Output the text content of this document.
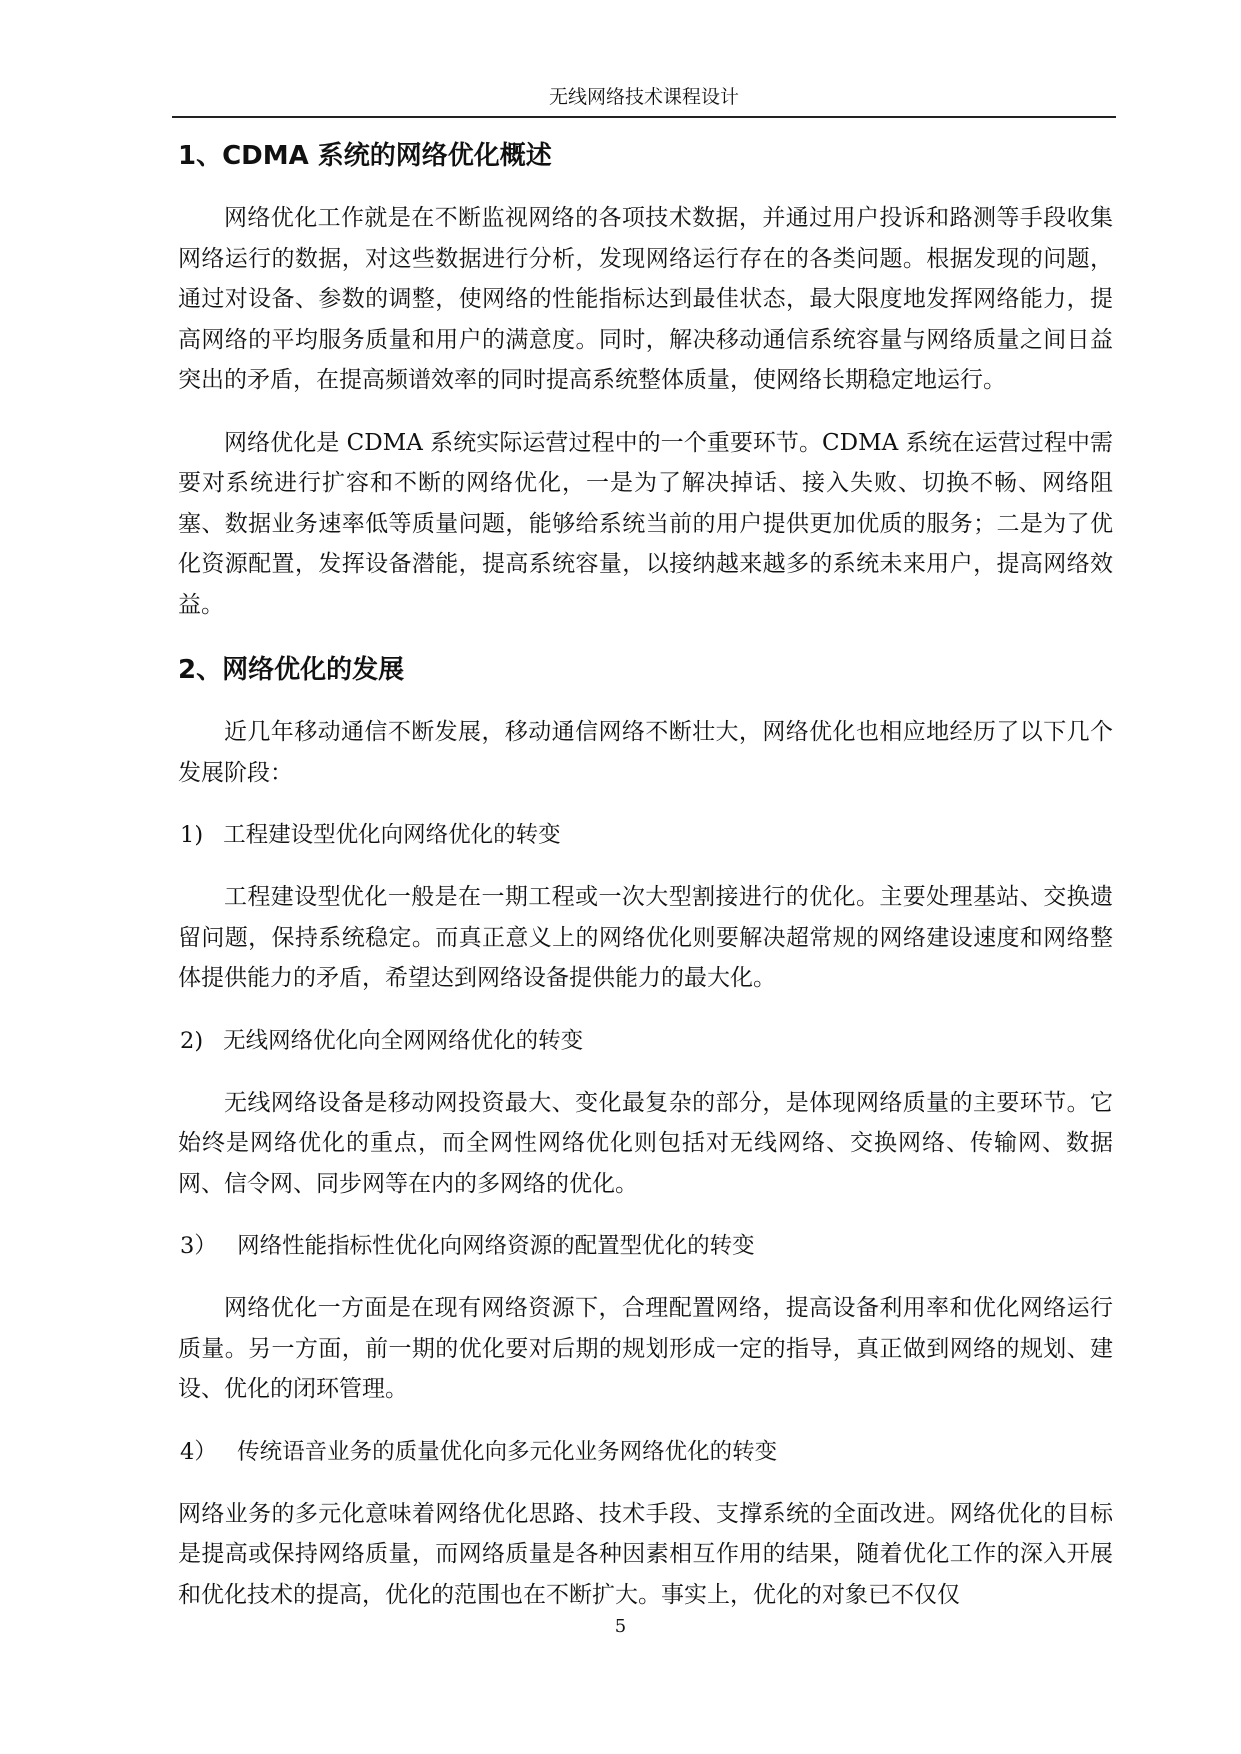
无线网络技术课程设计
1、CDMA 系统的网络优化概述

网络优化工作就是在不断监视网络的各项技术数据，并通过用户投诉和路测等手段收集网络运行的数据，对这些数据进行分析，发现网络运行存在的各类问题。根据发现的问题，通过对设备、参数的调整，使网络的性能指标达到最佳状态，最大限度地发挥网络能力，提高网络的平均服务质量和用户的满意度。同时，解决移动通信系统容量与网络质量之间日益突出的矛盾，在提高频谱效率的同时提高系统整体质量，使网络长期稳定地运行。

网络优化是 CDMA 系统实际运营过程中的一个重要环节。CDMA 系统在运营过程中需要对系统进行扩容和不断的网络优化，一是为了解决掉话、接入失败、切换不畅、网络阻塞、数据业务速率低等质量问题，能够给系统当前的用户提供更加优质的服务；二是为了优化资源配置，发挥设备潜能，提高系统容量，以接纳越来越多的系统未来用户，提高网络效益。

2、网络优化的发展

近几年移动通信不断发展，移动通信网络不断壮大，网络优化也相应地经历了以下几个发展阶段：

1) 工程建设型优化向网络优化的转变

工程建设型优化一般是在一期工程或一次大型割接进行的优化。主要处理基站、交换遗留问题，保持系统稳定。而真正意义上的网络优化则要解决超常规的网络建设速度和网络整体提供能力的矛盾，希望达到网络设备提供能力的最大化。

2) 无线网络优化向全网网络优化的转变

无线网络设备是移动网投资最大、变化最复杂的部分，是体现网络质量的主要环节。它始终是网络优化的重点，而全网性网络优化则包括对无线网络、交换网络、传输网、数据网、信令网、同步网等在内的多网络的优化。

3） 网络性能指标性优化向网络资源的配置型优化的转变

网络优化一方面是在现有网络资源下，合理配置网络，提高设备利用率和优化网络运行质量。另一方面，前一期的优化要对后期的规划形成一定的指导，真正做到网络的规划、建设、优化的闭环管理。

4） 传统语音业务的质量优化向多元化业务网络优化的转变

网络业务的多元化意味着网络优化思路、技术手段、支撑系统的全面改进。网络优化的目标是提高或保持网络质量，而网络质量是各种因素相互作用的结果，随着优化工作的深入开展和优化技术的提高，优化的范围也在不断扩大。事实上，优化的对象已不仅仅

5
